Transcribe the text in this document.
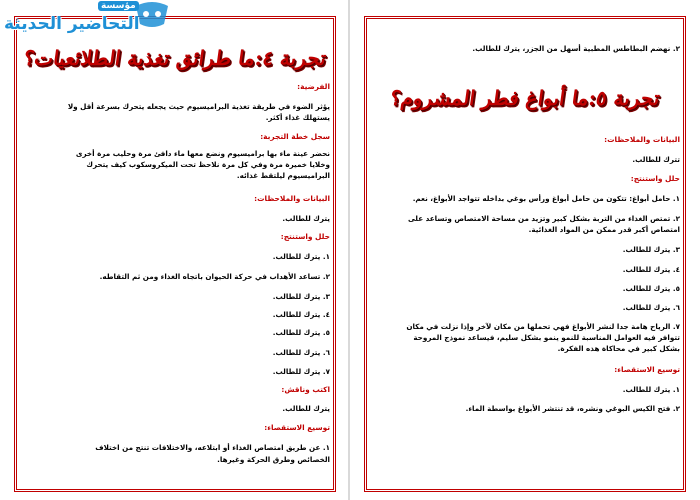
تجربة ٤:ما طرائق تغذية الطلائعيات؟
الفرضية:
يؤثر الضوء في طريقة تغذية البراميسيوم حيث يجعله يتحرك بسرعة أقل ولا
يستهلك غذاء أكثر.
سجل خطة التجربة:
نحضر عينة ماء بها براميسيوم ونضع معها ماء دافئ مرة وحليب مرة أخرى
وخلايا خميرة مرة وفي كل مرة نلاحظ تحت الميكروسكوب كيف يتحرك
البراميسيوم ليلتقط غذائه.
البيانات والملاحظات:
يترك للطالب.
حلل واستنتج:
١. يترك للطالب.
٢. تساعد الأهداب في حركة الحيوان باتجاه الغذاء ومن ثم التقاطه.
٣. يترك للطالب.
٤. يترك للطالب.
٥. يترك للطالب.
٦. يترك للطالب.
٧. يترك للطالب.
اكتب وناقش:
يترك للطالب.
توسيع الاستقصاء:
١. عن طريق امتصاص الغذاء أو ابتلاعه، والاختلافات تنتج من اختلاف
الخصائص وطرق الحركة وغيرها.
٢. نهضم البطاطس المطبية أسهل من الجزر، يترك للطالب.
تجربة ٥:ما أبواغ فطر المشروم؟
البيانات والملاحظات:
تترك للطالب.
حلل واستنتج:
١. حامل أبواغ: تتكون من حامل أبواغ ورأس بوغي بداخله تتواجد الأبواغ، نعم.
٢. تمتص الغذاء من التربة بشكل كبير وتزيد من مساحة الامتصاص وتساعد على
امتصاص أكبر قدر ممكن من المواد الغذائية.
٣. يترك للطالب.
٤. يترك للطالب.
٥. يترك للطالب.
٦. يترك للطالب.
٧. الرياح هامة جدا لنشر الأبواغ فهي تحملها من مكان لآخر وإذا نزلت في مكان
تتوافر فيه العوامل المناسبة للنمو ينمو بشكل سليم، فيساعد نموذج المروحة
بشكل كبير في محاكاة هذه الفكرة.
توسيع الاستقصاء:
١. يترك للطالب.
٢. فتح الكيس البوغي ونشره، قد تنتشر الأبواغ بواسطة الماء.
مؤسسة
التحاضير الحديثة
